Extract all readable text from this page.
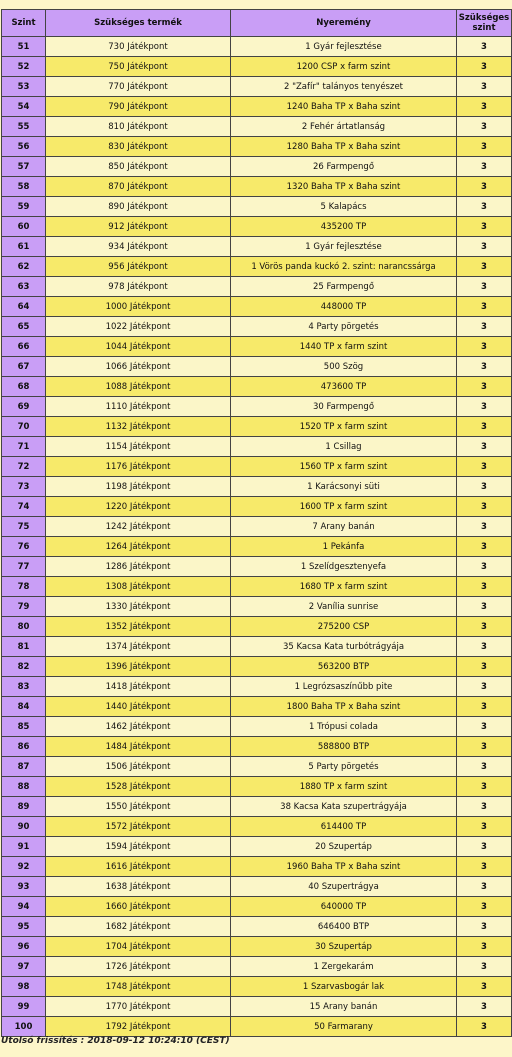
Szint	Szükséges termék	Nyeremény	Szükséges szint
51	730 Játékpont	1 Gyár fejlesztése	3
52	750 Játékpont	1200 CSP x farm szint	3
53	770 Játékpont	2 "Zafír" talányos tenyészet	3
54	790 Játékpont	1240 Baha TP x Baha szint	3
55	810 Játékpont	2 Fehér ártatlanság	3
56	830 Játékpont	1280 Baha TP x Baha szint	3
57	850 Játékpont	26 Farmpengő	3
58	870 Játékpont	1320 Baha TP x Baha szint	3
59	890 Játékpont	5 Kalapács	3
60	912 Játékpont	435200 TP	3
61	934 Játékpont	1 Gyár fejlesztése	3
62	956 Játékpont	1 Vörös panda kuckó 2. szint: narancssárga	3
63	978 Játékpont	25 Farmpengő	3
64	1000 Játékpont	448000 TP	3
65	1022 Játékpont	4 Party pörgetés	3
66	1044 Játékpont	1440 TP x farm szint	3
67	1066 Játékpont	500 Szög	3
68	1088 Játékpont	473600 TP	3
69	1110 Játékpont	30 Farmpengő	3
70	1132 Játékpont	1520 TP x farm szint	3
71	1154 Játékpont	1 Csillag	3
72	1176 Játékpont	1560 TP x farm szint	3
73	1198 Játékpont	1 Karácsonyi süti	3
74	1220 Játékpont	1600 TP x farm szint	3
75	1242 Játékpont	7 Arany banán	3
76	1264 Játékpont	1 Pekánfa	3
77	1286 Játékpont	1 Szelídgesztenyefa	3
78	1308 Játékpont	1680 TP x farm szint	3
79	1330 Játékpont	2 Vanília sunrise	3
80	1352 Játékpont	275200 CSP	3
81	1374 Játékpont	35 Kacsa Kata turbótrágyája	3
82	1396 Játékpont	563200 BTP	3
83	1418 Játékpont	1 Legrózsaszínűbb pite	3
84	1440 Játékpont	1800 Baha TP x Baha szint	3
85	1462 Játékpont	1 Trópusi colada	3
86	1484 Játékpont	588800 BTP	3
87	1506 Játékpont	5 Party pörgetés	3
88	1528 Játékpont	1880 TP x farm szint	3
89	1550 Játékpont	38 Kacsa Kata szupertrágyája	3
90	1572 Játékpont	614400 TP	3
91	1594 Játékpont	20 Szupertáp	3
92	1616 Játékpont	1960 Baha TP x Baha szint	3
93	1638 Játékpont	40 Szupertrágya	3
94	1660 Játékpont	640000 TP	3
95	1682 Játékpont	646400 BTP	3
96	1704 Játékpont	30 Szupertáp	3
97	1726 Játékpont	1 Zergekarám	3
98	1748 Játékpont	1 Szarvasbogár lak	3
99	1770 Játékpont	15 Arany banán	3
100	1792 Játékpont	50 Farmarany	3
Utolsó frissítés : 2018-09-12 10:24:10 (CEST)
